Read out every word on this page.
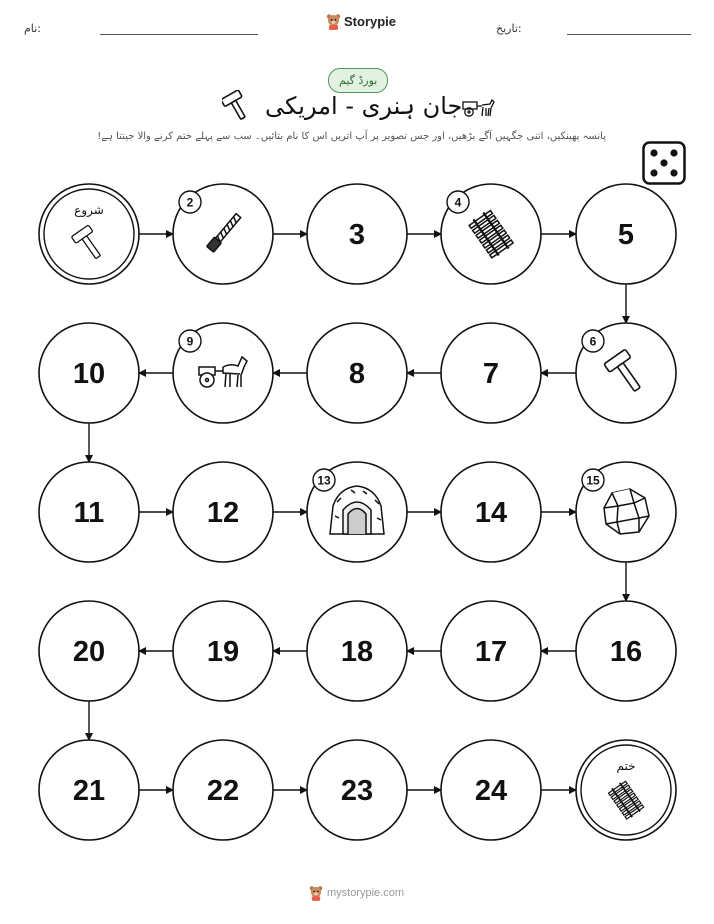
نام:	تاریخ:
Storypie
بورڈ گیم
جان ہنری - امریکی
پانسہ پھینکیں، اتنی جگہیں آگے بڑھیں، اور جس تصویر پر آپ اتریں اس کا نام بتائیں۔ سب سے پہلے ختم کرنے والا جیتتا ہے!
شروع
2
3
4
5
6
7
8
9
10
11	12
13
14
15
16
17
18
19
20
21	22	23	24
ختم
mystorypie.com
